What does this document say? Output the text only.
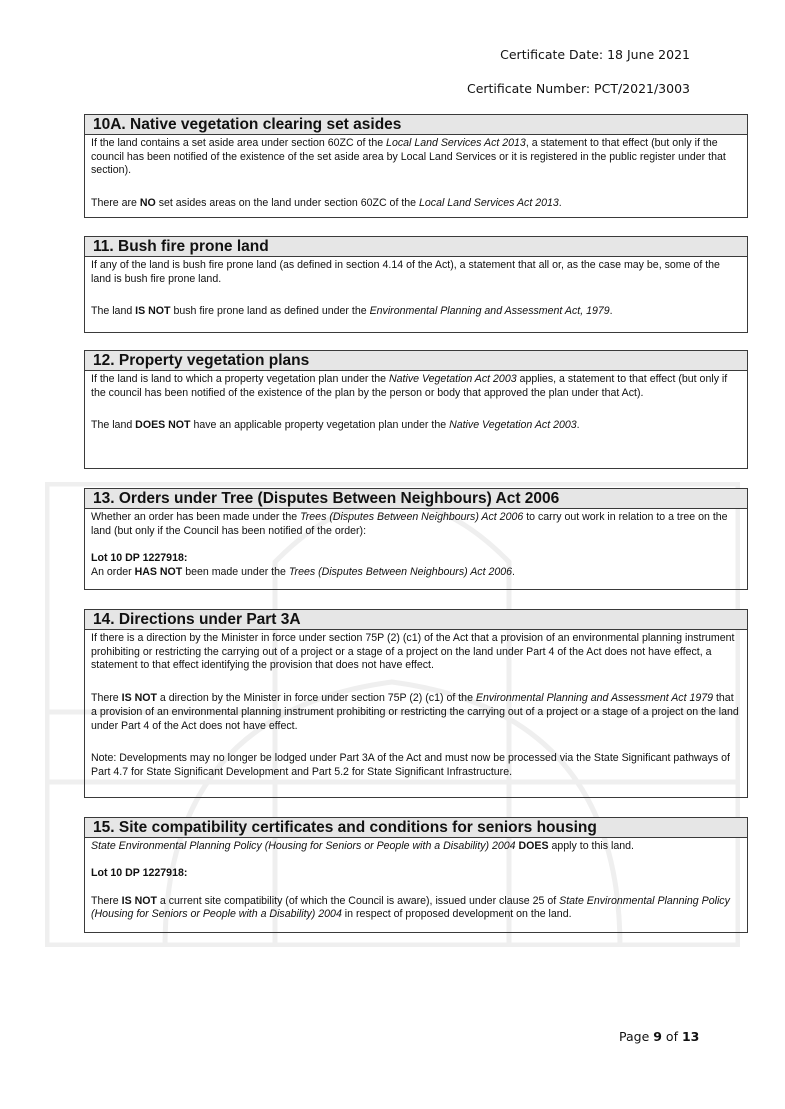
Certificate Date: 18 June 2021
Certificate Number: PCT/2021/3003
10A. Native vegetation clearing set asides

If the land contains a set aside area under section 60ZC of the Local Land Services Act 2013, a statement to that effect (but only if the council has been notified of the existence of the set aside area by Local Land Services or it is registered in the public register under that section).

There are NO set asides areas on the land under section 60ZC of the Local Land Services Act 2013.

11. Bush fire prone land

If any of the land is bush fire prone land (as defined in section 4.14 of the Act), a statement that all or, as the case may be, some of the land is bush fire prone land.

The land IS NOT bush fire prone land as defined under the Environmental Planning and Assessment Act, 1979.

12. Property vegetation plans

If the land is land to which a property vegetation plan under the Native Vegetation Act 2003 applies, a statement to that effect (but only if the council has been notified of the existence of the plan by the person or body that approved the plan under that Act).

The land DOES NOT have an applicable property vegetation plan under the Native Vegetation Act 2003.

13. Orders under Tree (Disputes Between Neighbours) Act 2006

Whether an order has been made under the Trees (Disputes Between Neighbours) Act 2006 to carry out work in relation to a tree on the land (but only if the Council has been notified of the order):

Lot 10 DP 1227918:

An order HAS NOT been made under the Trees (Disputes Between Neighbours) Act 2006.

14. Directions under Part 3A

If there is a direction by the Minister in force under section 75P (2) (c1) of the Act that a provision of an environmental planning instrument prohibiting or restricting the carrying out of a project or a stage of a project on the land under Part 4 of the Act does not have effect, a statement to that effect identifying the provision that does not have effect.

There IS NOT a direction by the Minister in force under section 75P (2) (c1) of the Environmental Planning and Assessment Act 1979 that a provision of an environmental planning instrument prohibiting or restricting the carrying out of a project or a stage of a project on the land under Part 4 of the Act does not have effect.

Note: Developments may no longer be lodged under Part 3A of the Act and must now be processed via the State Significant pathways of Part 4.7 for State Significant Development and Part 5.2 for State Significant Infrastructure.

15. Site compatibility certificates and conditions for seniors housing

State Environmental Planning Policy (Housing for Seniors or People with a Disability) 2004 DOES apply to this land.

Lot 10 DP 1227918:

There IS NOT a current site compatibility (of which the Council is aware), issued under clause 25 of State Environmental Planning Policy (Housing for Seniors or People with a Disability) 2004 in respect of proposed development on the land.

Page 9 of 13
